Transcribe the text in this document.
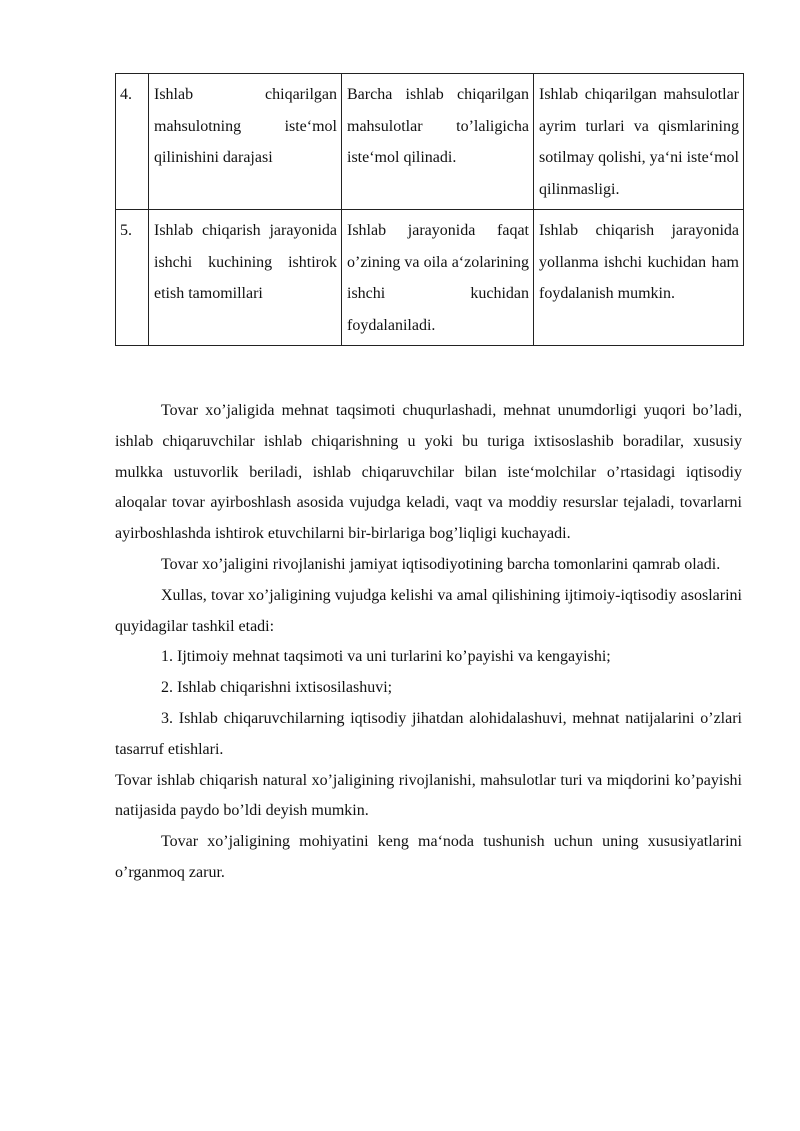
4.	Ishlab chiqarilgan mahsulotning iste‘mol qilinishini darajasi	Barcha ishlab chiqarilgan mahsulotlar to’laligicha iste‘mol qilinadi.	Ishlab chiqarilgan mahsulotlar ayrim turlari va qismlarining sotilmay qolishi, ya‘ni iste‘mol qilinmasligi.
5.	Ishlab chiqarish jarayonida ishchi kuchining ishtirok etish tamomillari	Ishlab jarayonida faqat o’zining va oila a‘zolarining ishchi kuchidan foydalaniladi.	Ishlab chiqarish jarayonida yollanma ishchi kuchidan ham foydalanish mumkin.

Tovar xo’jaligida mehnat taqsimoti chuqurlashadi, mehnat unumdorligi yuqori bo’ladi, ishlab chiqaruvchilar ishlab chiqarishning u yoki bu turiga ixtisoslashib boradilar, xususiy mulkka ustuvorlik beriladi, ishlab chiqaruvchilar bilan iste‘molchilar o’rtasidagi iqtisodiy aloqalar tovar ayirboshlash asosida vujudga keladi, vaqt va moddiy resurslar tejaladi, tovarlarni ayirboshlashda ishtirok etuvchilarni bir-birlariga bog’liqligi kuchayadi.

Tovar xo’jaligini rivojlanishi jamiyat iqtisodiyotining barcha tomonlarini qamrab oladi.

Xullas, tovar xo’jaligining vujudga kelishi va amal qilishining ijtimoiy-iqtisodiy asoslarini quyidagilar tashkil etadi:

1. Ijtimoiy mehnat taqsimoti va uni turlarini ko’payishi va kengayishi;

2. Ishlab chiqarishni ixtisosilashuvi;

3. Ishlab chiqaruvchilarning iqtisodiy jihatdan alohidalashuvi, mehnat natijalarini o’zlari tasarruf etishlari.

Tovar ishlab chiqarish natural xo’jaligining rivojlanishi, mahsulotlar turi va miqdorini ko’payishi natijasida paydo bo’ldi deyish mumkin.

Tovar xo’jaligining mohiyatini keng ma‘noda tushunish uchun uning xususiyatlarini o’rganmoq zarur.
